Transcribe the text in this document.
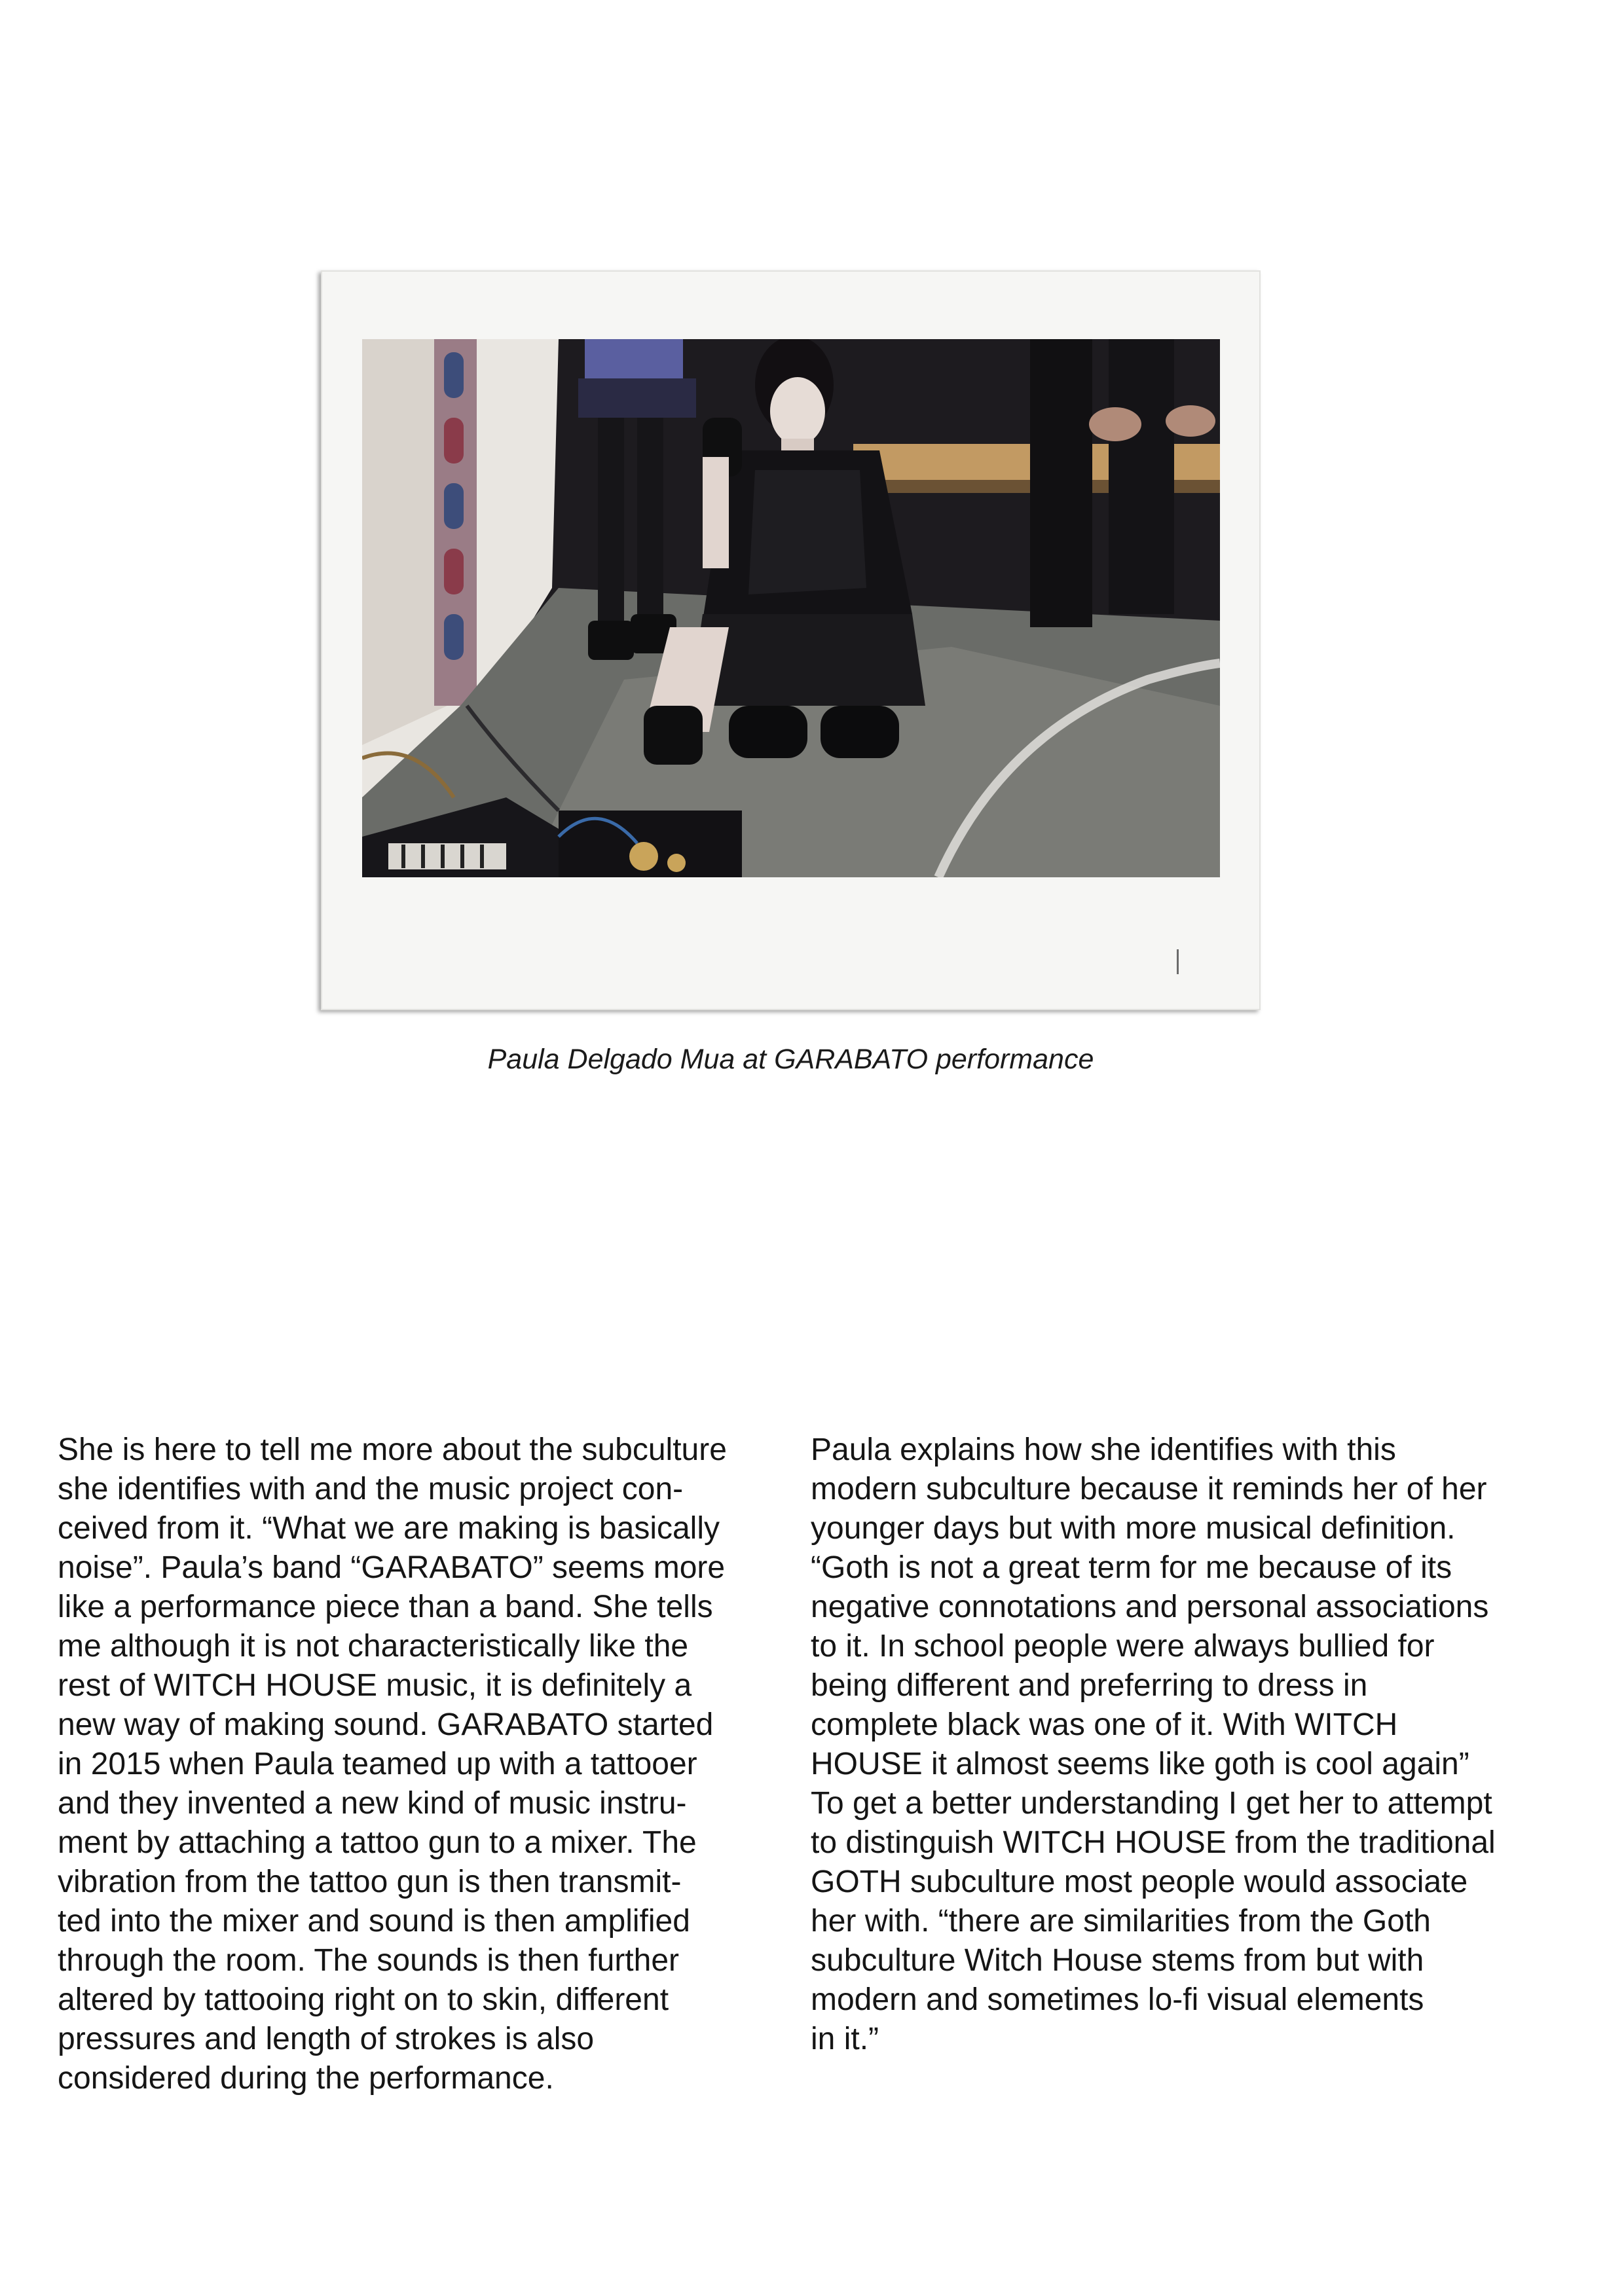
Paula Delgado Mua at GARABATO performance
She is here to tell me more about the subculture
she identifies with and the music project con-
ceived from it. “What we are making is basically
noise”. Paula’s band “GARABATO” seems more
like a performance piece than a band. She tells
me although it is not characteristically like the
rest of WITCH HOUSE music, it is definitely a
new way of making sound. GARABATO started
in 2015 when Paula teamed up with a tattooer
and they invented a new kind of music instru-
ment by attaching a tattoo gun to a mixer. The
vibration from the tattoo gun is then transmit-
ted into the mixer and sound is then amplified
through the room. The sounds is then further
altered by tattooing right on to skin, different
pressures and length of strokes is also
considered during the performance.
Paula explains how she identifies with this
modern subculture because it reminds her of her
younger days but with more musical definition.
“Goth is not a great term for me because of its
negative connotations and personal associations
to it. In school people were always bullied for
being different and preferring to dress in
complete black was one of it. With WITCH
HOUSE it almost seems like goth is cool again”
To get a better understanding I get her to attempt
to distinguish WITCH HOUSE from the traditional
GOTH subculture most people would associate
her with. “there are similarities from the Goth
subculture Witch House stems from but with
modern and sometimes lo-fi visual elements
in it.”
